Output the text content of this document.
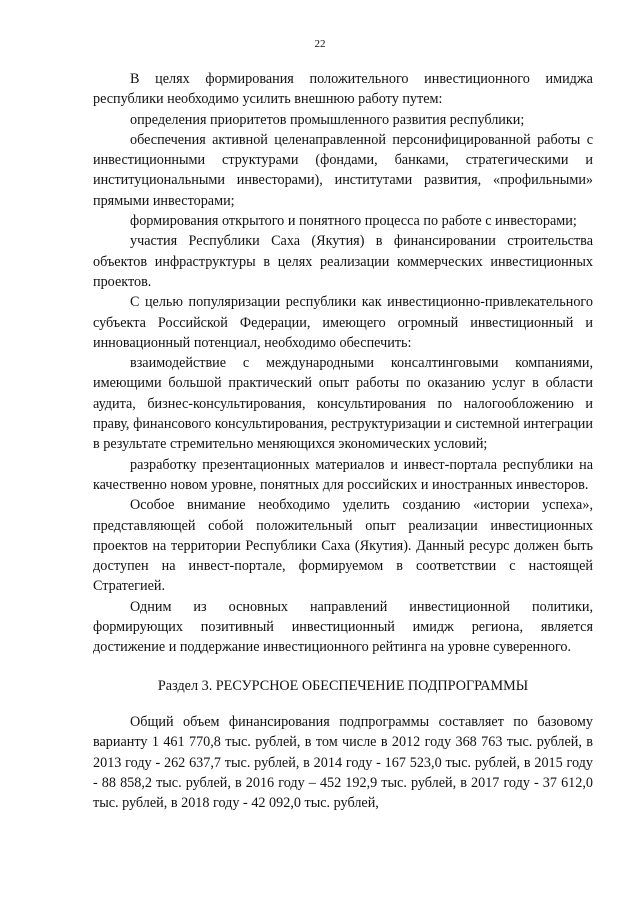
22

В целях формирования положительного инвестиционного имиджа республики необходимо усилить внешнюю работу путем:

определения приоритетов промышленного развития республики;

обеспечения активной целенаправленной персонифицированной работы с инвестиционными структурами (фондами, банками, стратегическими и институциональными инвесторами), институтами развития, «профильными» прямыми инвесторами;

формирования открытого и понятного процесса по работе с инвесторами;

участия Республики Саха (Якутия) в финансировании строительства объектов инфраструктуры в целях реализации коммерческих инвестиционных проектов.

С целью популяризации республики как инвестиционно-привлекательного субъекта Российской Федерации, имеющего огромный инвестиционный и инновационный потенциал, необходимо обеспечить:

взаимодействие с международными консалтинговыми компаниями, имеющими большой практический опыт работы по оказанию услуг в области аудита, бизнес-консультирования, консультирования по налогообложению и праву, финансового консультирования, реструктуризации и системной интеграции в результате стремительно меняющихся экономических условий;

разработку презентационных материалов и инвест-портала республики на качественно новом уровне, понятных для российских и иностранных инвесторов.

Особое внимание необходимо уделить созданию «истории успеха», представляющей собой положительный опыт реализации инвестиционных проектов на территории Республики Саха (Якутия). Данный ресурс должен быть доступен на инвест-портале, формируемом в соответствии с настоящей Стратегией.

Одним из основных направлений инвестиционной политики, формирующих позитивный инвестиционный имидж региона, является достижение и поддержание инвестиционного рейтинга на уровне суверенного.

Раздел 3. РЕСУРСНОЕ ОБЕСПЕЧЕНИЕ ПОДПРОГРАММЫ

Общий объем финансирования подпрограммы составляет по базовому варианту 1 461 770,8 тыс. рублей, в том числе в 2012 году 368 763 тыс. рублей, в 2013 году - 262 637,7 тыс. рублей, в 2014 году - 167 523,0 тыс. рублей, в 2015 году - 88 858,2 тыс. рублей, в 2016 году – 452 192,9 тыс. рублей, в 2017 году - 37 612,0 тыс. рублей, в 2018 году - 42 092,0 тыс. рублей,
